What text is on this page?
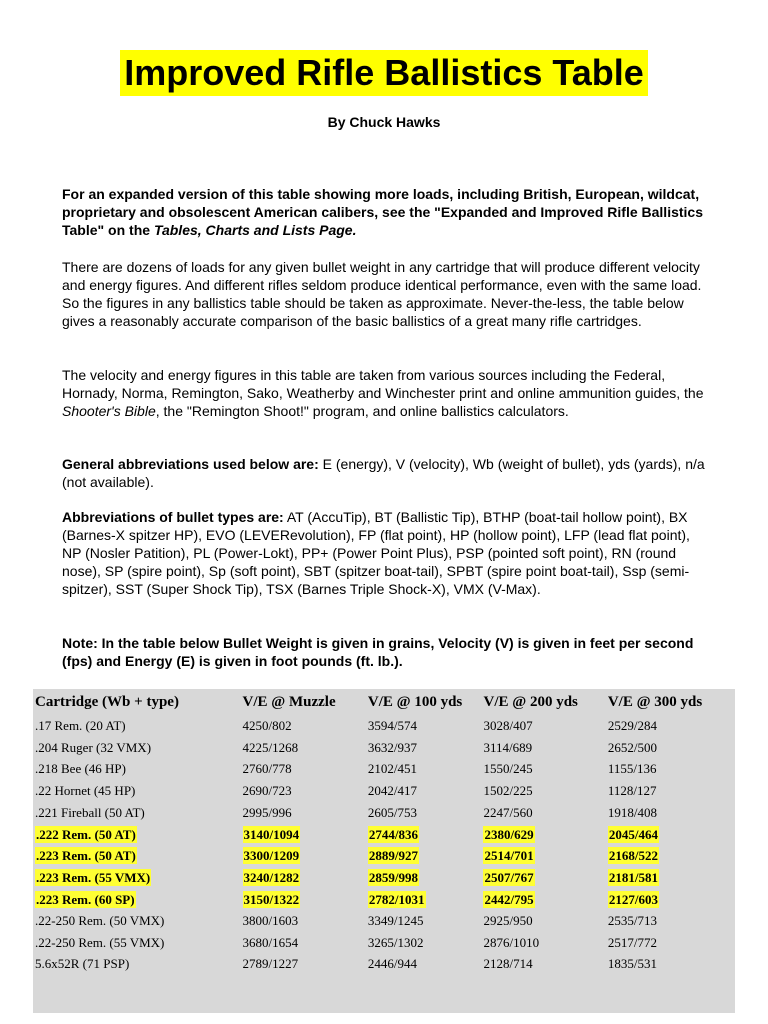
Improved Rifle Ballistics Table
By Chuck Hawks
For an expanded version of this table showing more loads, including British, European, wildcat, proprietary and obsolescent American calibers, see the "Expanded and Improved Rifle Ballistics Table" on the Tables, Charts and Lists Page.
There are dozens of loads for any given bullet weight in any cartridge that will produce different velocity and energy figures. And different rifles seldom produce identical performance, even with the same load. So the figures in any ballistics table should be taken as approximate. Never-the-less, the table below gives a reasonably accurate comparison of the basic ballistics of a great many rifle cartridges.
The velocity and energy figures in this table are taken from various sources including the Federal, Hornady, Norma, Remington, Sako, Weatherby and Winchester print and online ammunition guides, the Shooter's Bible, the "Remington Shoot!" program, and online ballistics calculators.
General abbreviations used below are: E (energy), V (velocity), Wb (weight of bullet), yds (yards), n/a (not available).
Abbreviations of bullet types are: AT (AccuTip), BT (Ballistic Tip), BTHP (boat-tail hollow point), BX (Barnes-X spitzer HP), EVO (LEVERevolution), FP (flat point), HP (hollow point), LFP (lead flat point), NP (Nosler Patition), PL (Power-Lokt), PP+ (Power Point Plus), PSP (pointed soft point), RN (round nose), SP (spire point), Sp (soft point), SBT (spitzer boat-tail), SPBT (spire point boat-tail), Ssp (semi-spitzer), SST (Super Shock Tip), TSX (Barnes Triple Shock-X), VMX (V-Max).
Note: In the table below Bullet Weight is given in grains, Velocity (V) is given in feet per second (fps) and Energy (E) is given in foot pounds (ft. lb.).
Cartridge (Wb + type)	V/E @ Muzzle	V/E @ 100 yds	V/E @ 200 yds	V/E @ 300 yds
.17 Rem. (20 AT)	4250/802	3594/574	3028/407	2529/284
.204 Ruger (32 VMX)	4225/1268	3632/937	3114/689	2652/500
.218 Bee (46 HP)	2760/778	2102/451	1550/245	1155/136
.22 Hornet (45 HP)	2690/723	2042/417	1502/225	1128/127
.221 Fireball (50 AT)	2995/996	2605/753	2247/560	1918/408
.222 Rem. (50 AT)	3140/1094	2744/836	2380/629	2045/464
.223 Rem. (50 AT)	3300/1209	2889/927	2514/701	2168/522
.223 Rem. (55 VMX)	3240/1282	2859/998	2507/767	2181/581
.223 Rem. (60 SP)	3150/1322	2782/1031	2442/795	2127/603
.22-250 Rem. (50 VMX)	3800/1603	3349/1245	2925/950	2535/713
.22-250 Rem. (55 VMX)	3680/1654	3265/1302	2876/1010	2517/772
5.6x52R (71 PSP)	2789/1227	2446/944	2128/714	1835/531
